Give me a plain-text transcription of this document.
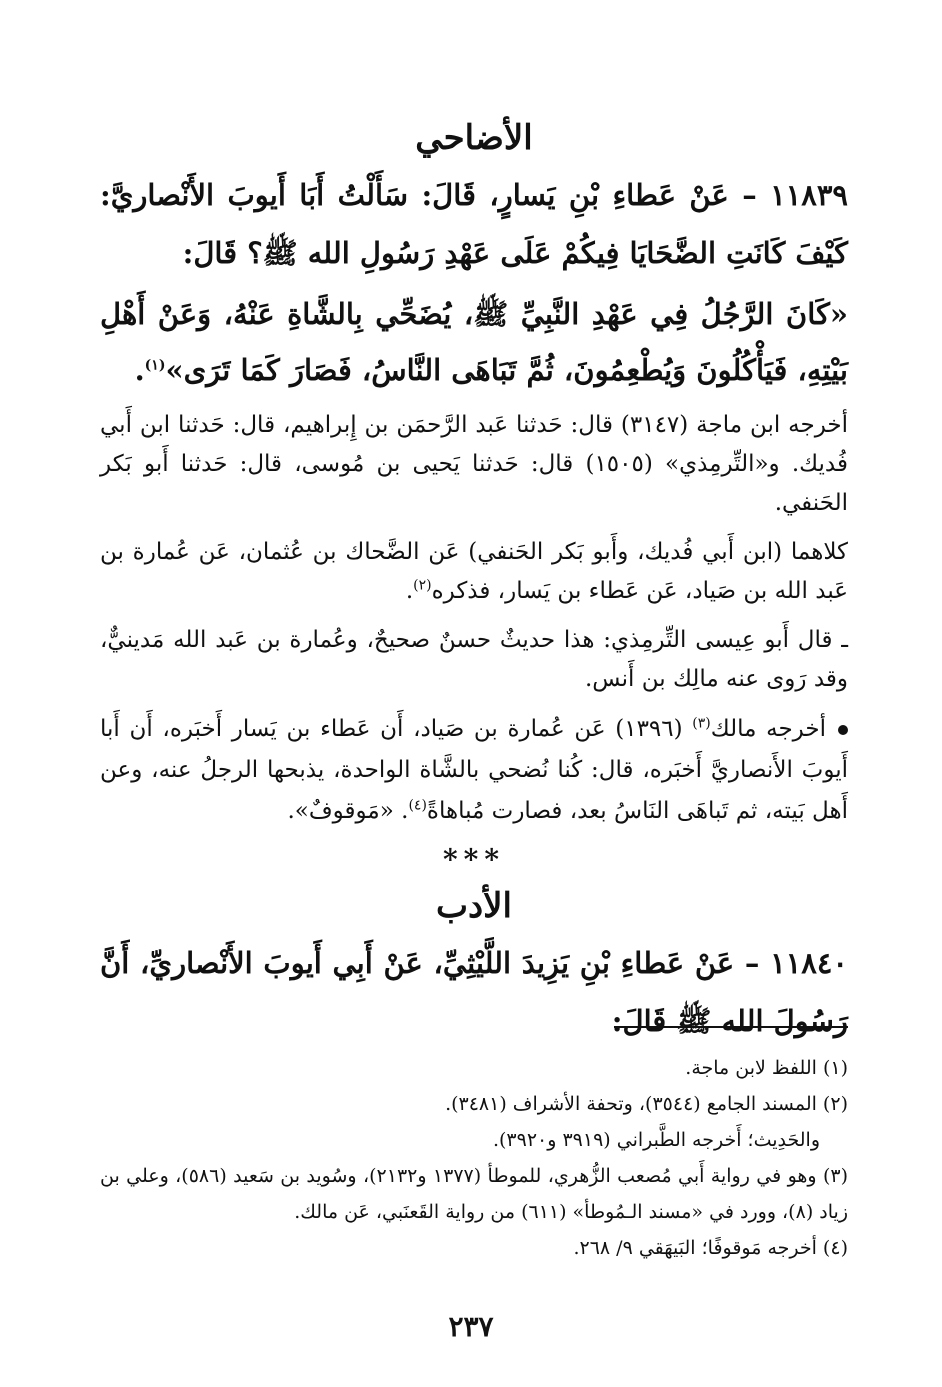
الأضاحي

١١٨٣٩ – عَنْ عَطاءِ بْنِ يَسارٍ، قَالَ: سَأَلْتُ أَبَا أَيوبَ الأَنْصاريَّ: كَيْفَ كَانَتِ الضَّحَايَا فِيكُمْ عَلَى عَهْدِ رَسُولِ الله ﷺ؟ قَالَ:

«كَانَ الرَّجُلُ فِي عَهْدِ النَّبِيِّ ﷺ، يُضَحِّي بِالشَّاةِ عَنْهُ، وَعَنْ أَهْلِ بَيْتِهِ، فَيَأْكُلُونَ وَيُطْعِمُونَ، ثُمَّ تَبَاهَى النَّاسُ، فَصَارَ كَمَا تَرَى»$^{(١)}$.

أخرجه ابن ماجة (٣١٤٧) قال: حَدثنا عَبد الرَّحمَن بن إِبراهيم، قال: حَدثنا ابن أَبي فُديك. و«التِّرمِذي» (١٥٠٥) قال: حَدثنا يَحيى بن مُوسى، قال: حَدثنا أَبو بَكر الحَنفي.

كلاهما (ابن أَبي فُديك، وأَبو بَكر الحَنفي) عَن الضَّحاك بن عُثمان، عَن عُمارة بن عَبد الله بن صَياد، عَن عَطاء بن يَسار، فذكره$^{(٢)}$.

ـ قال أَبو عِيسى التِّرمِذي: هذا حديثٌ حسنٌ صحيحٌ، وعُمارة بن عَبد الله مَدينيٌّ، وقد رَوى عنه مالِك بن أَنس.

أخرجه مالك$^{(٣)}$ (١٣٩٦) عَن عُمارة بن صَياد، أَن عَطاء بن يَسار أَخبَره، أَن أَبا أَيوبَ الأَنصاريَّ أَخبَره، قال: كُنا نُضحي بالشَّاة الواحدة، يذبحها الرجلُ عنه، وعن أَهل بَيته، ثم تَباهَى النَاسُ بعد، فصارت مُباهاةً$^{(٤)}$. «مَوقوفٌ».

***

الأدب

١١٨٤٠ – عَنْ عَطاءِ بْنِ يَزِيدَ اللَّيْثِيِّ، عَنْ أَبِي أَيوبَ الأَنْصاريِّ، أَنَّ رَسُولَ الله ﷺ قَالَ:

(١) اللفظ لابن ماجة.

(٢) المسند الجامع (٣٥٤٤)، وتحفة الأشراف (٣٤٨١).

والحَدِيث؛ أَخرجه الطَّبراني (٣٩١٩ و٣٩٢٠).

(٣) وهو في رواية أَبي مُصعب الزُّهري، للموطأ (١٣٧٧ و٢١٣٢)، وسُويد بن سَعيد (٥٨٦)، وعلي بن زياد (٨)، وورد في «مسند الـمُوطأ» (٦١١) من رواية القَعنَبي، عَن مالك.

(٤) أخرجه مَوقوفًا؛ البَيهَقي ٩/ ٢٦٨.

٢٣٧
